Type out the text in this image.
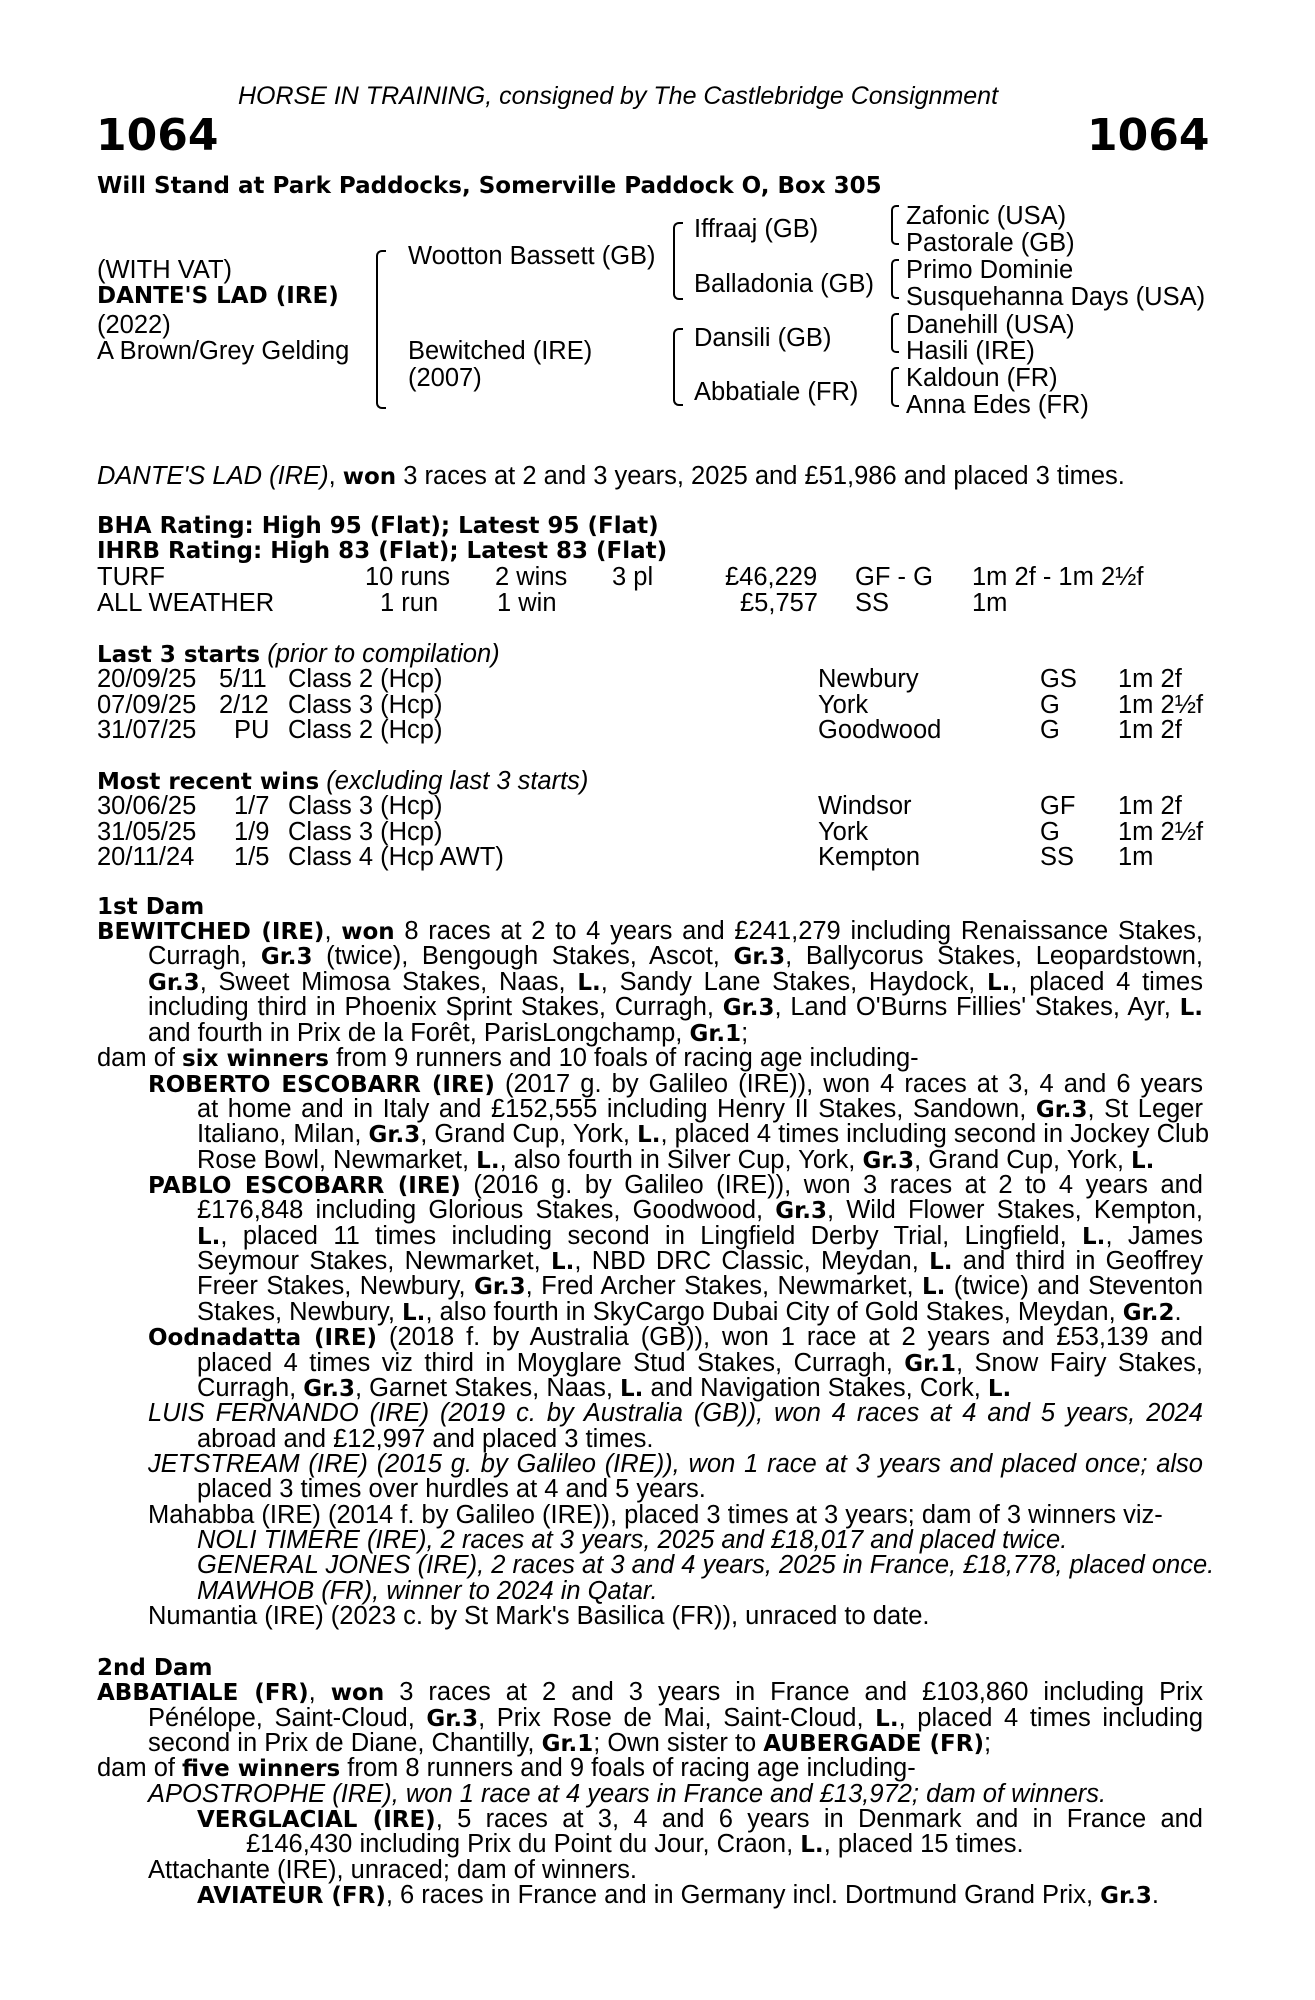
HORSE IN TRAINING, consigned by The Castlebridge Consignment
1064	1064
Will Stand at Park Paddocks, Somerville Paddock O, Box 305
(WITH VAT)
DANTE'S LAD (IRE)
(2022)
A Brown/Grey Gelding
Wootton Bassett (GB)
Bewitched (IRE)
(2007)
Iffraaj (GB)
Balladonia (GB)
Dansili (GB)
Abbatiale (FR)
Zafonic (USA)
Pastorale (GB)
Primo Dominie
Susquehanna Days (USA)
Danehill (USA)
Hasili (IRE)
Kaldoun (FR)
Anna Edes (FR)
DANTE'S LAD (IRE), won 3 races at 2 and 3 years, 2025 and £51,986 and placed 3 times.
BHA Rating: High 95 (Flat); Latest 95 (Flat)
IHRB Rating: High 83 (Flat); Latest 83 (Flat)
TURF	10 runs 2 wins 3 pl	£46,229 GF - G 1m 2f - 1m 2½f
ALL WEATHER	1 run 1 win	£5,757 SS	1m
Last 3 starts (prior to compilation)
20/09/25 5/11 Class 2 (Hcp)	Newbury	GS 1m 2f
07/09/25 2/12 Class 3 (Hcp)	York	G 1m 2½f
31/07/25 PU Class 2 (Hcp)	Goodwood	G 1m 2f
Most recent wins (excluding last 3 starts)
30/06/25 1/7 Class 3 (Hcp)	Windsor	GF 1m 2f
31/05/25 1/9 Class 3 (Hcp)	York	G 1m 2½f
20/11/24 1/5 Class 4 (Hcp AWT)	Kempton	SS 1m
1st Dam
BEWITCHED (IRE), won 8 races at 2 to 4 years and £241,279 including Renaissance Stakes,
Curragh, Gr.3 (twice), Bengough Stakes, Ascot, Gr.3, Ballycorus Stakes, Leopardstown,
Gr.3, Sweet Mimosa Stakes, Naas, L., Sandy Lane Stakes, Haydock, L., placed 4 times
including third in Phoenix Sprint Stakes, Curragh, Gr.3, Land O'Burns Fillies' Stakes, Ayr, L.
and fourth in Prix de la Forêt, ParisLongchamp, Gr.1;
dam of six winners from 9 runners and 10 foals of racing age including-
ROBERTO ESCOBARR (IRE) (2017 g. by Galileo (IRE)), won 4 races at 3, 4 and 6 years
at home and in Italy and £152,555 including Henry II Stakes, Sandown, Gr.3, St Leger
Italiano, Milan, Gr.3, Grand Cup, York, L., placed 4 times including second in Jockey Club
Rose Bowl, Newmarket, L., also fourth in Silver Cup, York, Gr.3, Grand Cup, York, L.
PABLO ESCOBARR (IRE) (2016 g. by Galileo (IRE)), won 3 races at 2 to 4 years and
£176,848 including Glorious Stakes, Goodwood, Gr.3, Wild Flower Stakes, Kempton,
L., placed 11 times including second in Lingfield Derby Trial, Lingfield, L., James
Seymour Stakes, Newmarket, L., NBD DRC Classic, Meydan, L. and third in Geoffrey
Freer Stakes, Newbury, Gr.3, Fred Archer Stakes, Newmarket, L. (twice) and Steventon
Stakes, Newbury, L., also fourth in SkyCargo Dubai City of Gold Stakes, Meydan, Gr.2.
Oodnadatta (IRE) (2018 f. by Australia (GB)), won 1 race at 2 years and £53,139 and
placed 4 times viz third in Moyglare Stud Stakes, Curragh, Gr.1, Snow Fairy Stakes,
Curragh, Gr.3, Garnet Stakes, Naas, L. and Navigation Stakes, Cork, L.
LUIS FERNANDO (IRE) (2019 c. by Australia (GB)), won 4 races at 4 and 5 years, 2024
abroad and £12,997 and placed 3 times.
JETSTREAM (IRE) (2015 g. by Galileo (IRE)), won 1 race at 3 years and placed once; also
placed 3 times over hurdles at 4 and 5 years.
Mahabba (IRE) (2014 f. by Galileo (IRE)), placed 3 times at 3 years; dam of 3 winners viz-
NOLI TIMERE (IRE), 2 races at 3 years, 2025 and £18,017 and placed twice.
GENERAL JONES (IRE), 2 races at 3 and 4 years, 2025 in France, £18,778, placed once.
MAWHOB (FR), winner to 2024 in Qatar.
Numantia (IRE) (2023 c. by St Mark's Basilica (FR)), unraced to date.
2nd Dam
ABBATIALE (FR), won 3 races at 2 and 3 years in France and £103,860 including Prix
Pénélope, Saint-Cloud, Gr.3, Prix Rose de Mai, Saint-Cloud, L., placed 4 times including
second in Prix de Diane, Chantilly, Gr.1; Own sister to AUBERGADE (FR);
dam of five winners from 8 runners and 9 foals of racing age including-
APOSTROPHE (IRE), won 1 race at 4 years in France and £13,972; dam of winners.
VERGLACIAL (IRE), 5 races at 3, 4 and 6 years in Denmark and in France and
£146,430 including Prix du Point du Jour, Craon, L., placed 15 times.
Attachante (IRE), unraced; dam of winners.
AVIATEUR (FR), 6 races in France and in Germany incl. Dortmund Grand Prix, Gr.3.
